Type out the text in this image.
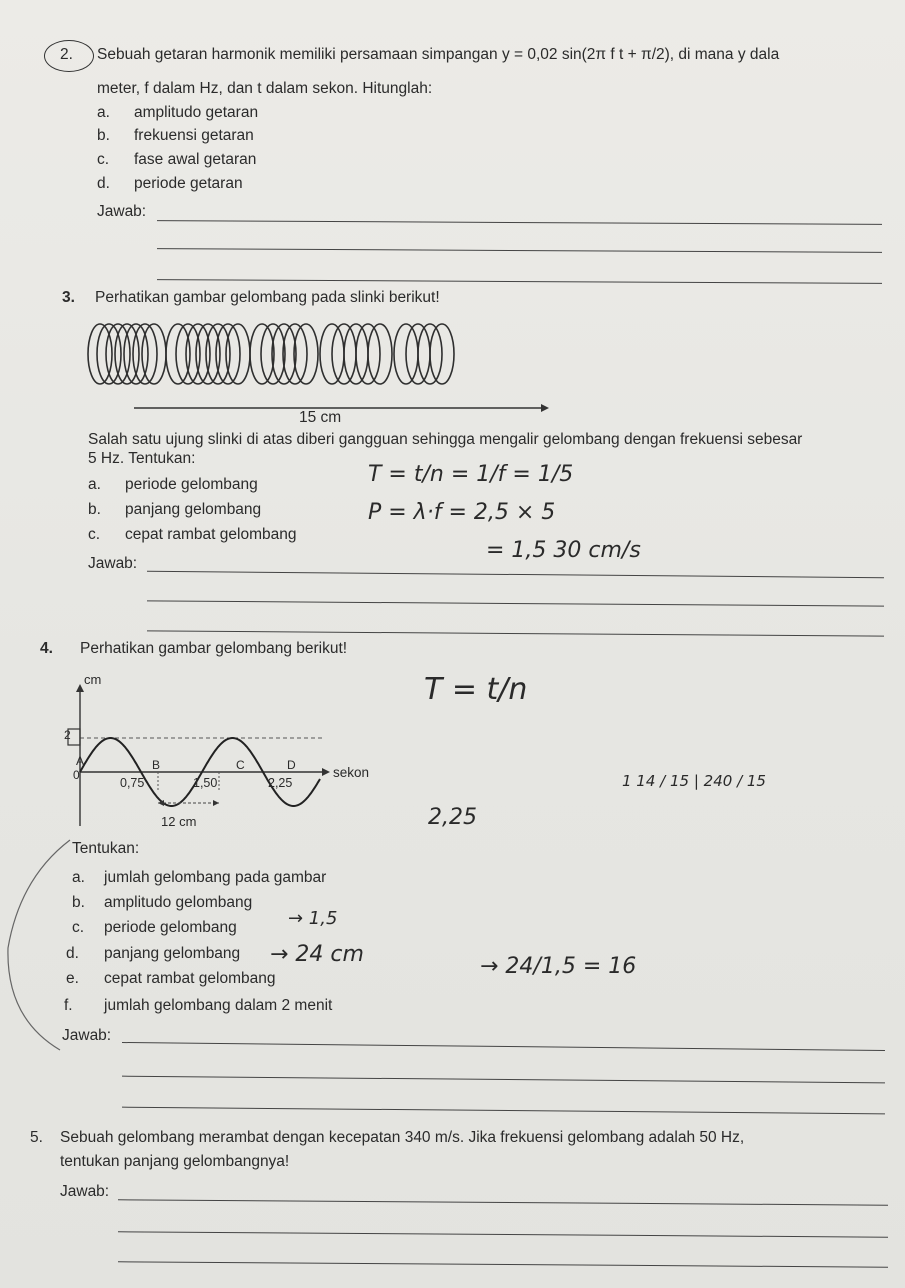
2. Sebuah getaran harmonik memiliki persamaan simpangan y = 0,02 sin(2π f t + π/2), di mana y dala
meter, f dalam Hz, dan t dalam sekon. Hitunglah:
a. amplitudo getaran
b. frekuensi getaran
c. fase awal getaran
d. periode getaran
Jawab:
3. Perhatikan gambar gelombang pada slinki berikut!
15 cm
Salah satu ujung slinki di atas diberi gangguan sehingga mengalir gelombang dengan frekuensi sebesar
5 Hz. Tentukan:
a. periode gelombang
b. panjang gelombang
c. cepat rambat gelombang
Jawab:
T = t/n = 1/f = 1/5
P = λ·f = 2,5 × 5
= 1,5 30 cm/s
4. Perhatikan gambar gelombang berikut!
cm
2
A
0
B	C	D
0,75	1,50	2,25
sekon
12 cm
T = t/n
2,25
1 14 / 15 | 240 / 15
→ 1,5
→ 24 cm	→ 24/1,5 = 16
Tentukan:
a. jumlah gelombang pada gambar
b. amplitudo gelombang
c. periode gelombang
d. panjang gelombang
e. cepat rambat gelombang
f. jumlah gelombang dalam 2 menit
Jawab:
5. Sebuah gelombang merambat dengan kecepatan 340 m/s. Jika frekuensi gelombang adalah 50 Hz,
tentukan panjang gelombangnya!
Jawab:
